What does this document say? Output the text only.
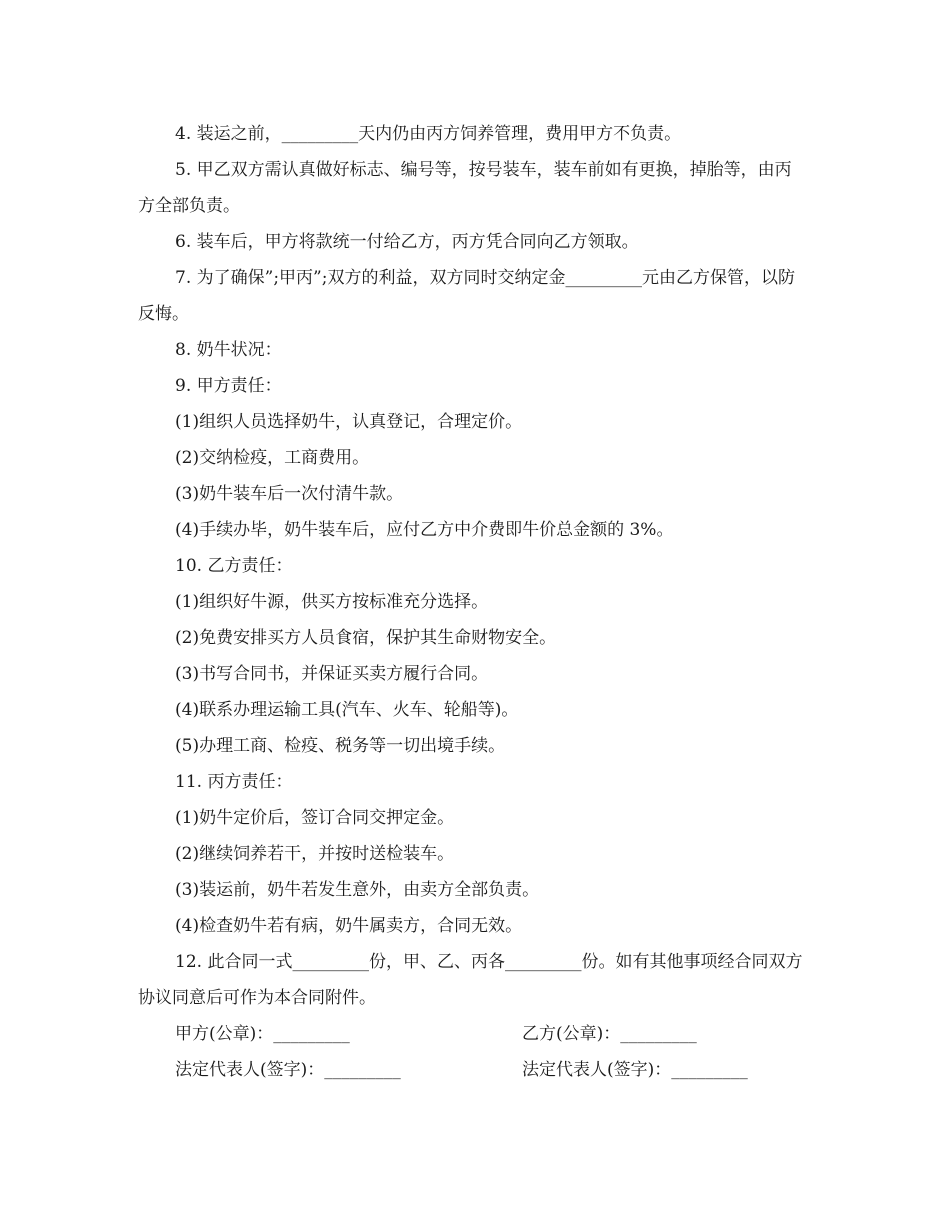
4. 装运之前，_________天内仍由丙方饲养管理，费用甲方不负责。

5. 甲乙双方需认真做好标志、编号等，按号装车，装车前如有更换，掉胎等，由丙方全部负责。

6. 装车后，甲方将款统一付给乙方，丙方凭合同向乙方领取。

7. 为了确保”;甲丙”;双方的利益，双方同时交纳定金_________元由乙方保管，以防反悔。

8. 奶牛状况：

9. 甲方责任：

(1)组织人员选择奶牛，认真登记，合理定价。

(2)交纳检疫，工商费用。

(3)奶牛装车后一次付清牛款。

(4)手续办毕，奶牛装车后，应付乙方中介费即牛价总金额的 3%。

10. 乙方责任：

(1)组织好牛源，供买方按标准充分选择。

(2)免费安排买方人员食宿，保护其生命财物安全。

(3)书写合同书，并保证买卖方履行合同。

(4)联系办理运输工具(汽车、火车、轮船等)。

(5)办理工商、检疫、税务等一切出境手续。

11. 丙方责任：

(1)奶牛定价后，签订合同交押定金。

(2)继续饲养若干，并按时送检装车。

(3)装运前，奶牛若发生意外，由卖方全部负责。

(4)检查奶牛若有病，奶牛属卖方，合同无效。

12. 此合同一式_________份，甲、乙、丙各_________份。如有其他事项经合同双方协议同意后可作为本合同附件。

甲方(公章)：_________	乙方(公章)：_________
法定代表人(签字)：_________	法定代表人(签字)：_________
